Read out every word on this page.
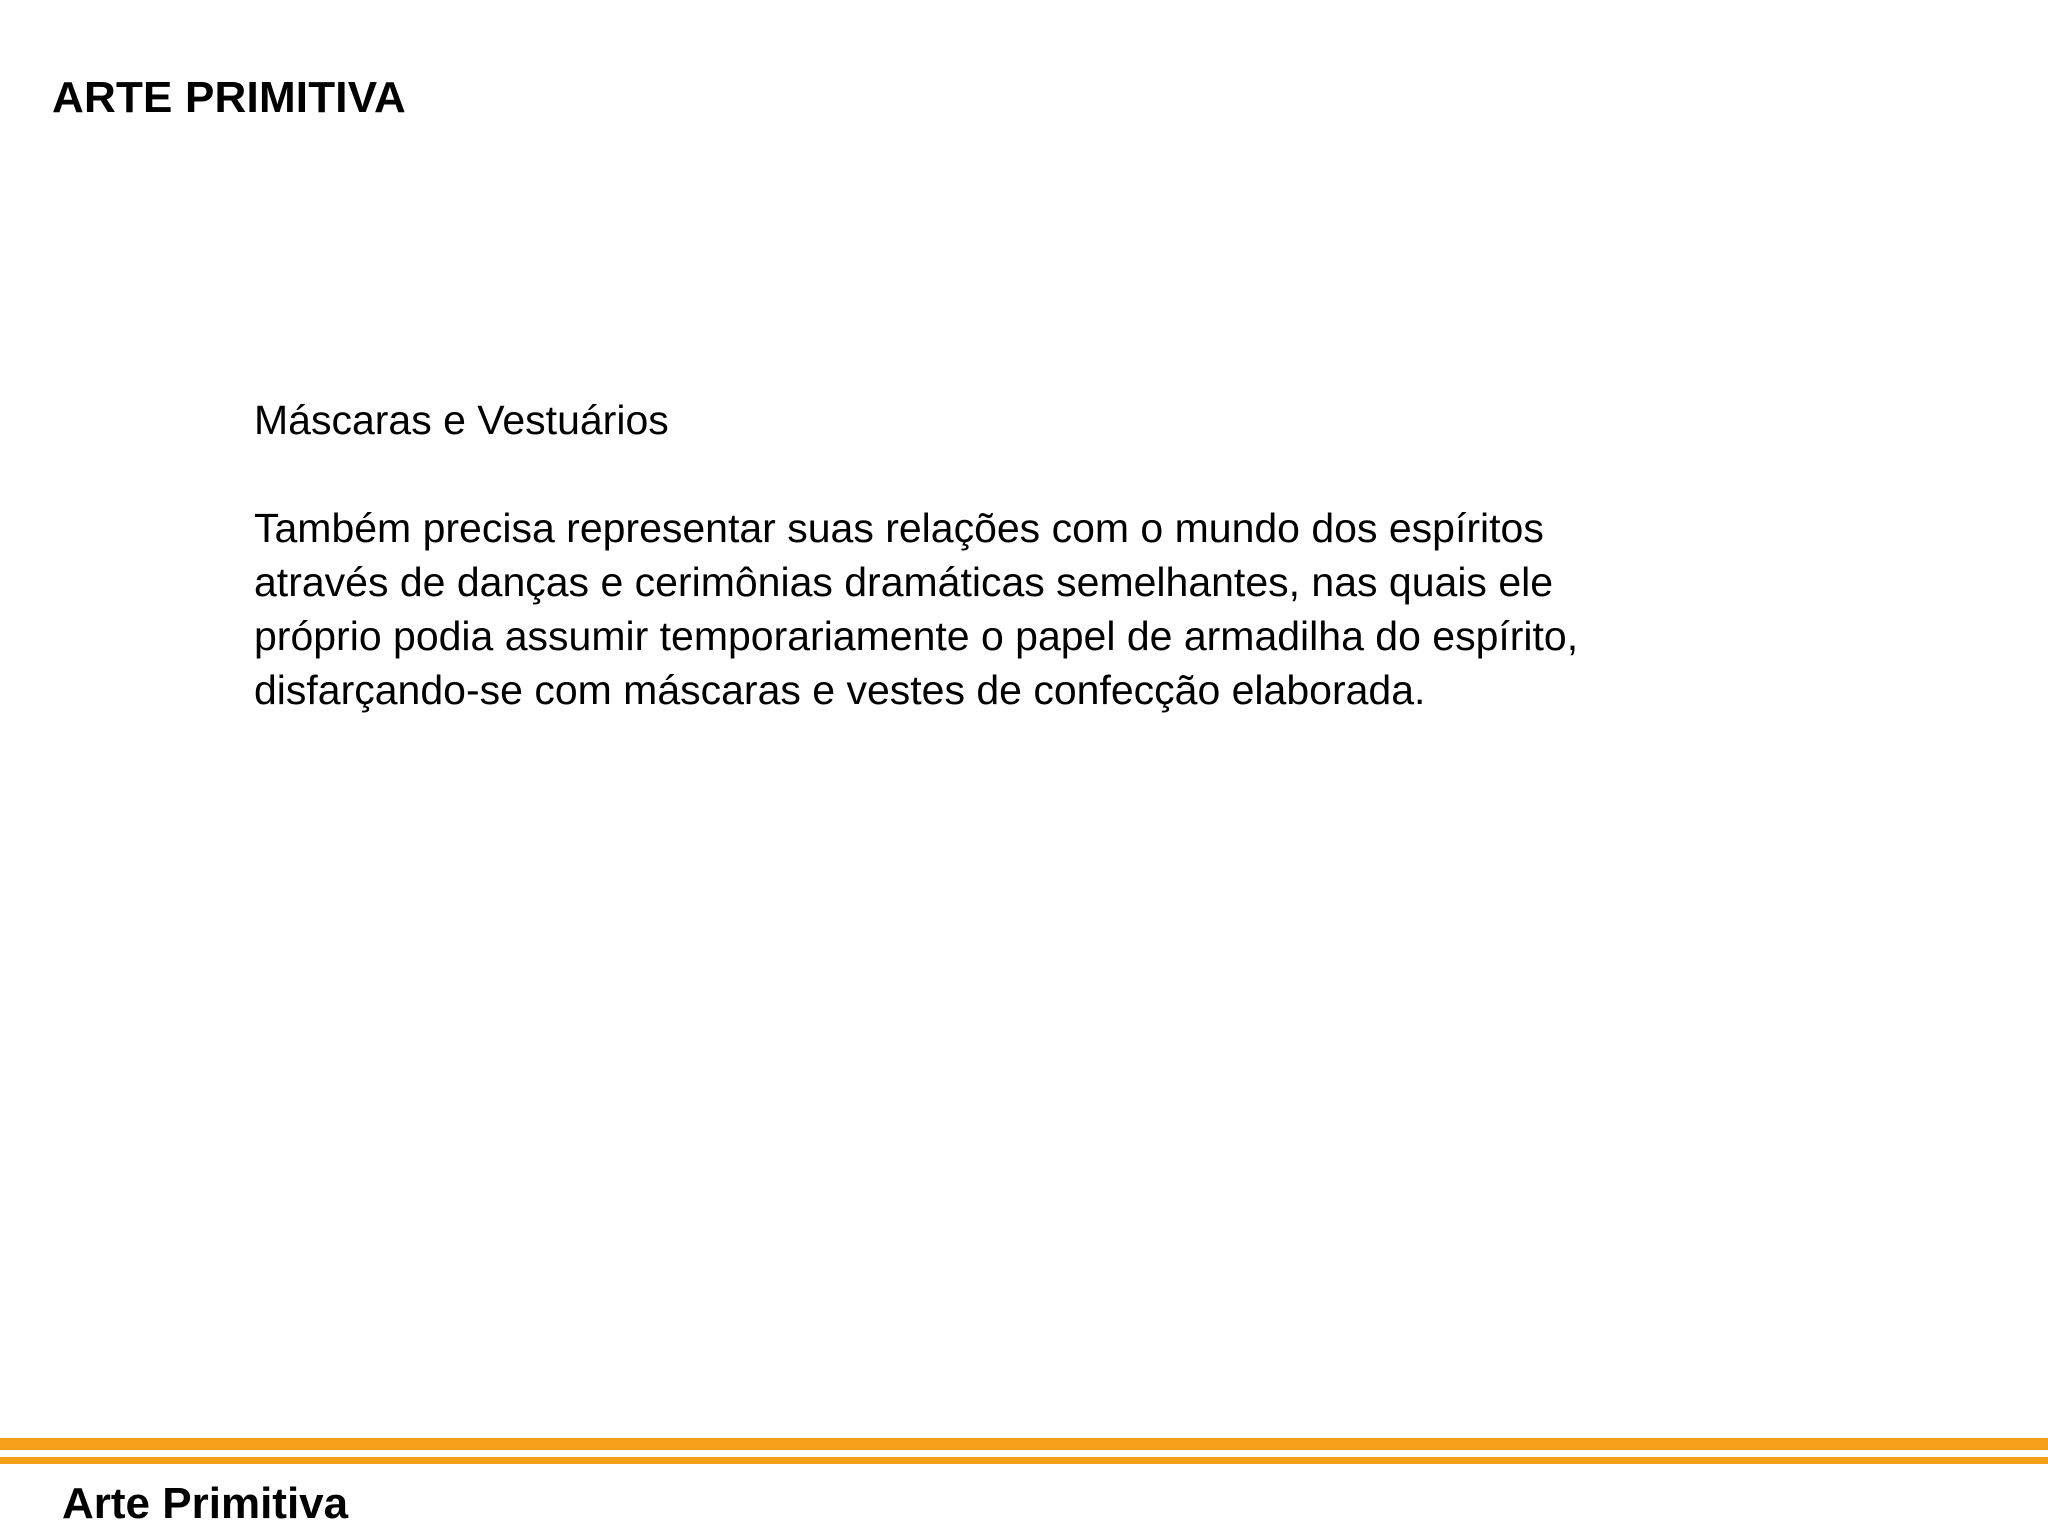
ARTE PRIMITIVA

Máscaras e Vestuários

Também precisa representar suas relações com o mundo dos espíritos
através de danças e cerimônias dramáticas semelhantes, nas quais ele
próprio podia assumir temporariamente o papel de armadilha do espírito,
disfarçando-se com máscaras e vestes de confecção elaborada.

Arte Primitiva
